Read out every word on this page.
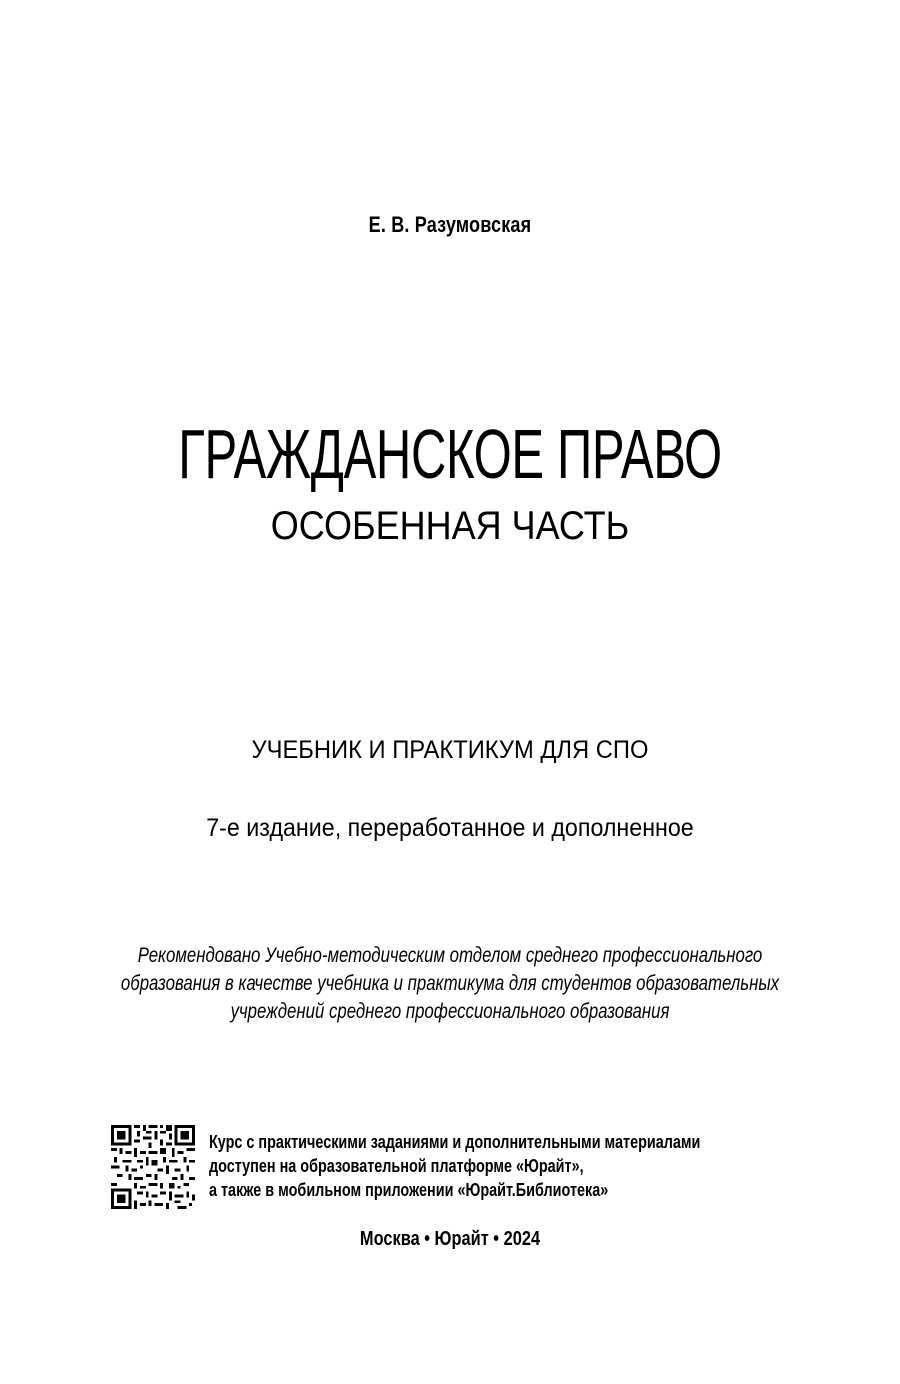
Е. В. Разумовская
ГРАЖДАНСКОЕ ПРАВО
ОСОБЕННАЯ ЧАСТЬ
УЧЕБНИК И ПРАКТИКУМ ДЛЯ СПО
7-е издание, переработанное и дополненное
Рекомендовано Учебно-методическим отделом среднего профессионального
образования в качестве учебника и практикума для студентов образовательных
учреждений среднего профессионального образования
Курс с практическими заданиями и дополнительными материалами
доступен на образовательной платформе «Юрайт»,
а также в мобильном приложении «Юрайт.Библиотека»
Москва • Юрайт • 2024
